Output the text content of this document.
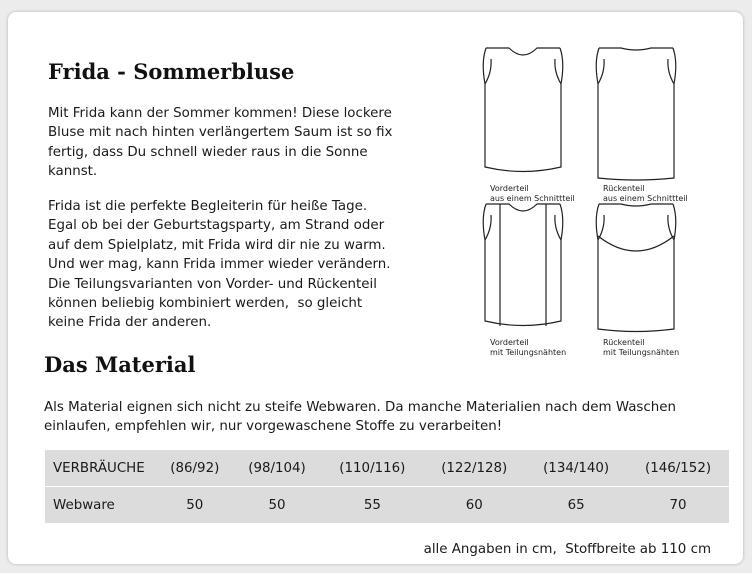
Frida - Sommerbluse

Mit Frida kann der Sommer kommen! Diese lockere
Bluse mit nach hinten verlängertem Saum ist so fix
fertig, dass Du schnell wieder raus in die Sonne
kannst.

Frida ist die perfekte Begleiterin für heiße Tage.
Egal ob bei der Geburtstagsparty, am Strand oder
auf dem Spielplatz, mit Frida wird dir nie zu warm.
Und wer mag, kann Frida immer wieder verändern.
Die Teilungsvarianten von Vorder- und Rückenteil
können beliebig kombiniert werden,  so gleicht
keine Frida der anderen.

Vorderteil
aus einem Schnittteil
Rückenteil
aus einem Schnittteil
Vorderteil
mit Teilungsnähten
Rückenteil
mit Teilungsnähten
Das Material

Als Material eignen sich nicht zu steife Webwaren. Da manche Materialien nach dem Waschen
einlaufen, empfehlen wir, nur vorgewaschene Stoffe zu verarbeiten!

VERBRÄUCHE	(86/92)	(98/104)	(110/116)	(122/128)	(134/140)	(146/152)
Webware	50	50	55	60	65	70
alle Angaben in cm,  Stoffbreite ab 110 cm
